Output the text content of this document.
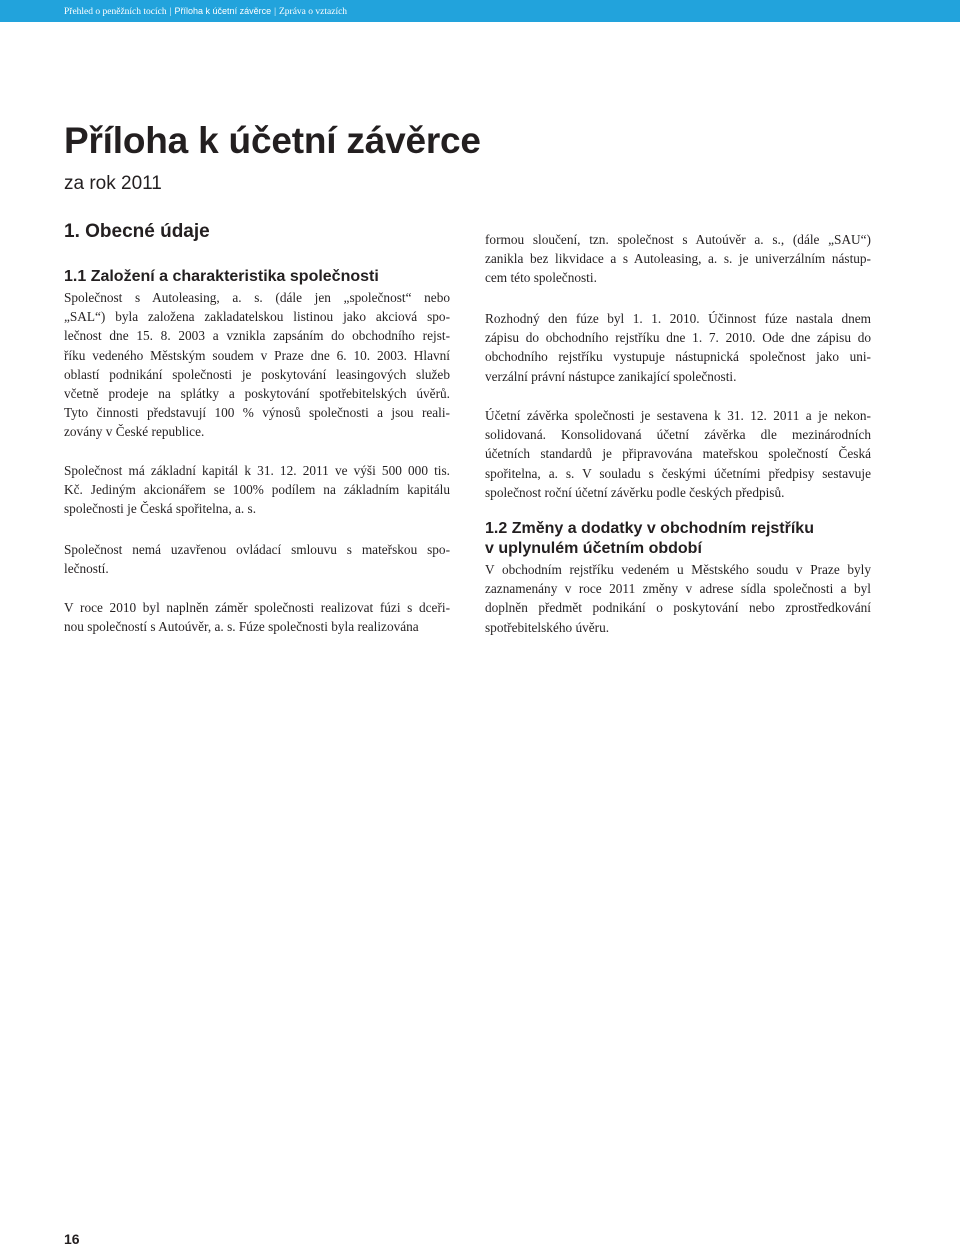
Přehled o peněžních tocích | Příloha k účetní závěrce | Zpráva o vztazích
Příloha k účetní závěrce
za rok 2011
1. Obecné údaje
1.1 Založení a charakteristika společnosti
Společnost s Autoleasing, a. s. (dále jen „společnost“ nebo
„SAL“) byla založena zakladatelskou listinou jako akciová spo-
lečnost dne 15. 8. 2003 a vznikla zapsáním do obchodního rejst-
říku vedeného Městským soudem v Praze dne 6. 10. 2003. Hlavní
oblastí podnikání společnosti je poskytování leasingových služeb
včetně prodeje na splátky a poskytování spotřebitelských úvěrů.
Tyto činnosti představují 100 % výnosů společnosti a jsou reali-
zovány v České republice.
Společnost má základní kapitál k 31. 12. 2011 ve výši 500 000 tis.
Kč. Jediným akcionářem se 100% podílem na základním kapitálu
společnosti je Česká spořitelna, a. s.
Společnost nemá uzavřenou ovládací smlouvu s mateřskou spo-
lečností.
V roce 2010 byl naplněn záměr společnosti realizovat fúzi s dceři-
nou společností s Autoúvěr, a. s. Fúze společnosti byla realizována
formou sloučení, tzn. společnost s Autoúvěr a. s., (dále „SAU“)
zanikla bez likvidace a s Autoleasing, a. s. je univerzálním nástup-
cem této společnosti.
Rozhodný den fúze byl 1. 1. 2010. Účinnost fúze nastala dnem
zápisu do obchodního rejstříku dne 1. 7. 2010. Ode dne zápisu do
obchodního rejstříku vystupuje nástupnická společnost jako uni-
verzální právní nástupce zanikající společnosti.
Účetní závěrka společnosti je sestavena k 31. 12. 2011 a je nekon-
solidovaná. Konsolidovaná účetní závěrka dle mezinárodních
účetních standardů je připravována mateřskou společností Česká
spořitelna, a. s. V souladu s českými účetními předpisy sestavuje
společnost roční účetní závěrku podle českých předpisů.
1.2 Změny a dodatky v obchodním rejstříku
v uplynulém účetním období
V obchodním rejstříku vedeném u Městského soudu v Praze byly
zaznamenány v roce 2011 změny v adrese sídla společnosti a byl
doplněn předmět podnikání o poskytování nebo zprostředkování
spotřebitelského úvěru.
16
